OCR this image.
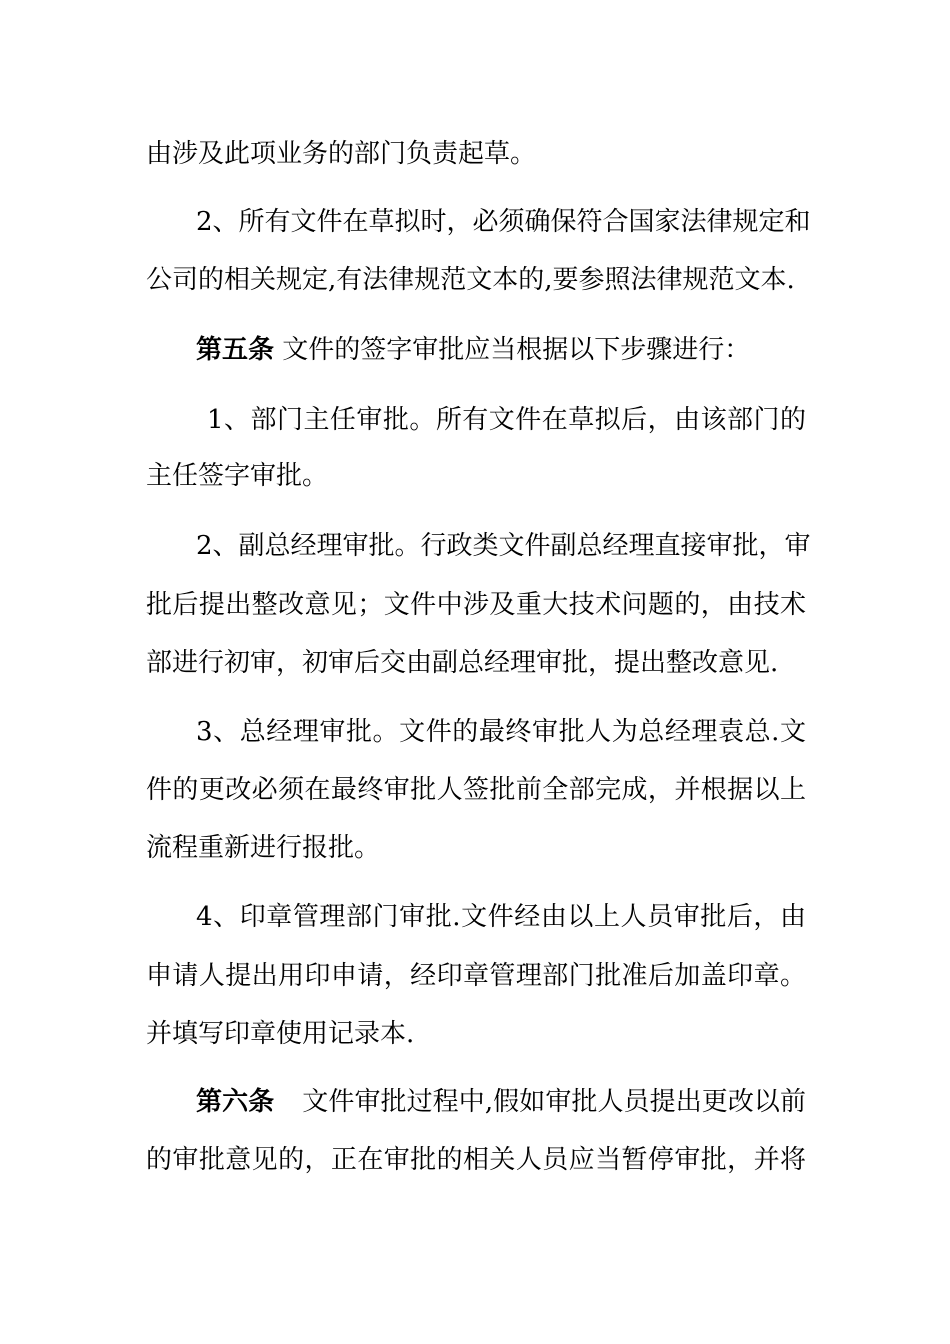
由涉及此项业务的部门负责起草。
2、所有文件在草拟时，必须确保符合国家法律规定和
公司的相关规定,有法律规范文本的,要参照法律规范文本.
第五条 文件的签字审批应当根据以下步骤进行：
1、部门主任审批。所有文件在草拟后，由该部门的
主任签字审批。
2、副总经理审批。行政类文件副总经理直接审批，审
批后提出整改意见；文件中涉及重大技术问题的，由技术
部进行初审，初审后交由副总经理审批，提出整改意见.
3、总经理审批。文件的最终审批人为总经理袁总.文
件的更改必须在最终审批人签批前全部完成，并根据以上
流程重新进行报批。
4、印章管理部门审批.文件经由以上人员审批后，由
申请人提出用印申请，经印章管理部门批准后加盖印章。
并填写印章使用记录本.
第六条 文件审批过程中,假如审批人员提出更改以前
的审批意见的，正在审批的相关人员应当暂停审批，并将
